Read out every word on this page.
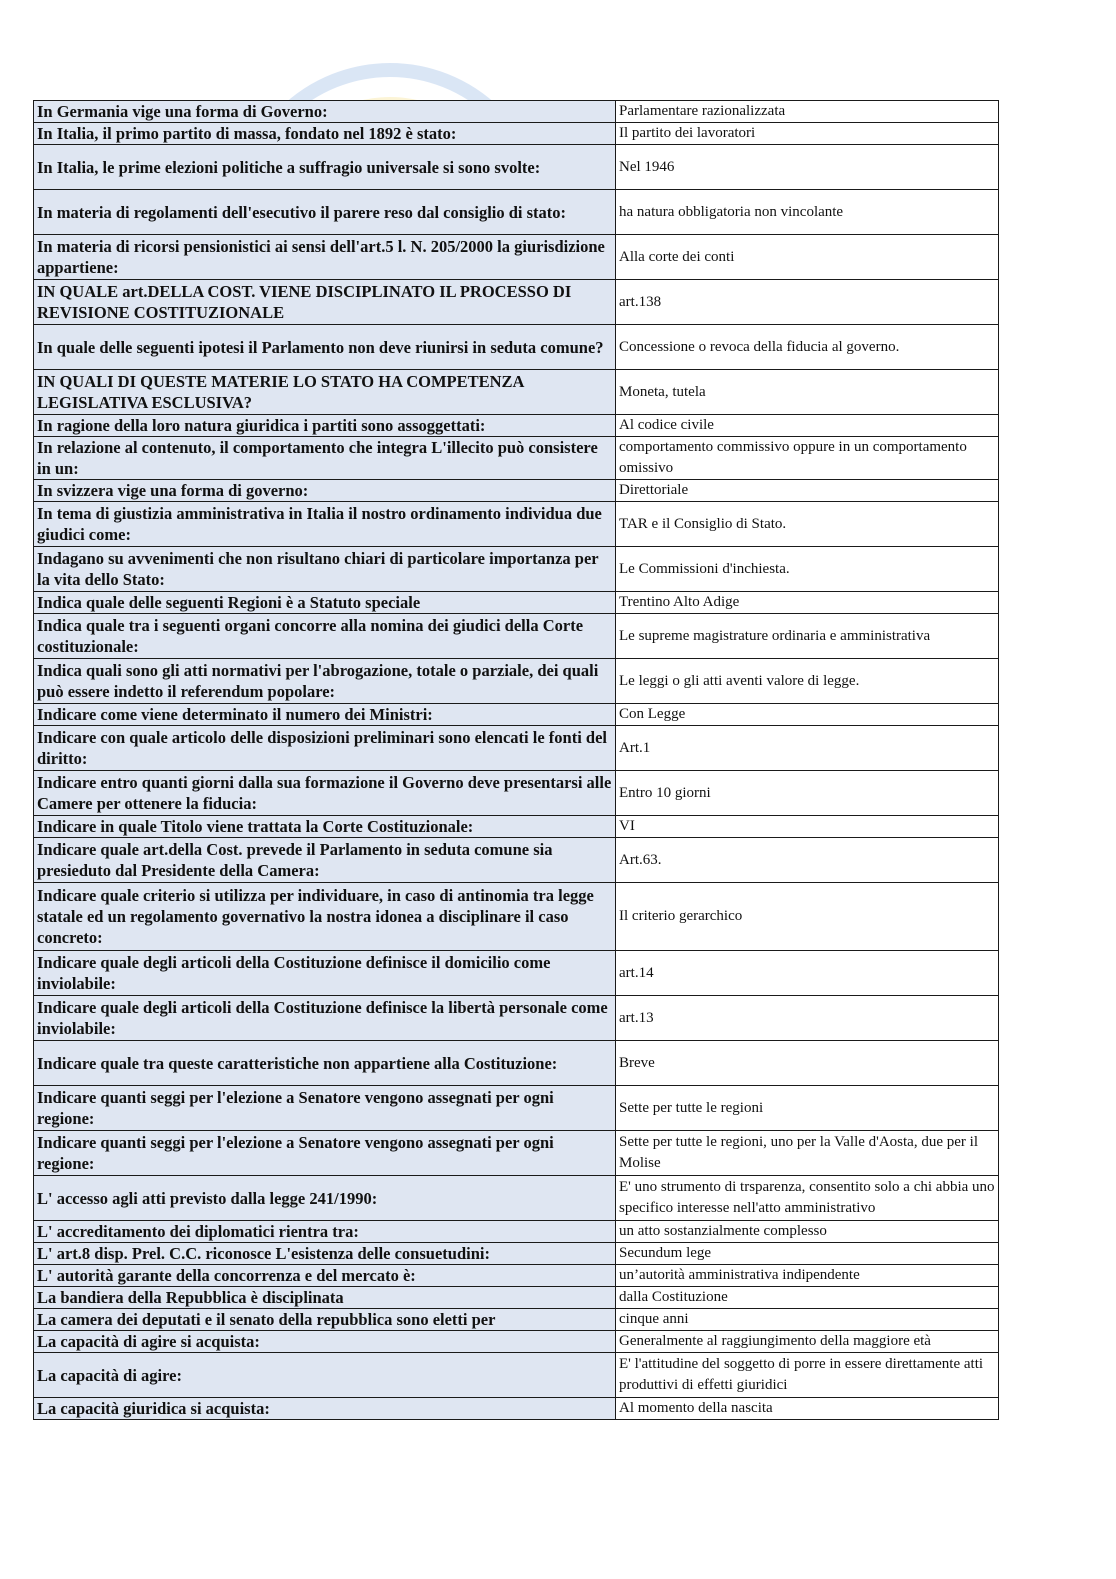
In Germania vige una forma di Governo:	Parlamentare razionalizzata
In Italia, il primo partito di massa, fondato nel 1892 è stato:	Il partito dei lavoratori
In Italia, le prime elezioni politiche a suffragio universale si sono svolte:	Nel 1946
In materia di regolamenti dell'esecutivo il parere reso dal consiglio di stato:	ha natura obbligatoria non vincolante
In materia di ricorsi pensionistici ai sensi dell'art.5 l. N. 205/2000 la giurisdizione appartiene:	Alla corte dei conti
IN QUALE art.DELLA COST. VIENE DISCIPLINATO IL PROCESSO DI REVISIONE COSTITUZIONALE	art.138
In quale delle seguenti ipotesi il Parlamento non deve riunirsi in seduta comune?	Concessione o revoca della fiducia al governo.
IN QUALI DI QUESTE MATERIE LO STATO HA COMPETENZA LEGISLATIVA ESCLUSIVA?	Moneta, tutela
In ragione della loro natura giuridica i partiti sono assoggettati:	Al codice civile
In relazione al contenuto, il comportamento che integra L'illecito può consistere in un:	comportamento commissivo oppure in un comportamento omissivo
In svizzera vige una forma di governo:	Direttoriale
In tema di giustizia amministrativa in Italia il nostro ordinamento individua due giudici come:	TAR e il Consiglio di Stato.
Indagano su avvenimenti che non risultano chiari di particolare importanza per la vita dello Stato:	Le Commissioni d'inchiesta.
Indica quale delle seguenti Regioni è a Statuto speciale	Trentino Alto Adige
Indica quale tra i seguenti organi concorre alla nomina dei giudici della Corte costituzionale:	Le supreme magistrature ordinaria e amministrativa
Indica quali sono gli atti normativi per l'abrogazione, totale o parziale, dei quali può essere indetto il referendum popolare:	Le leggi o gli atti aventi valore di legge.
Indicare come viene determinato il numero dei Ministri:	Con Legge
Indicare con quale articolo delle disposizioni preliminari sono elencati le fonti del diritto:	Art.1
Indicare entro quanti giorni dalla sua formazione il Governo deve presentarsi alle Camere per ottenere la fiducia:	Entro 10 giorni
Indicare in quale Titolo viene trattata la Corte Costituzionale:	VI
Indicare quale art.della Cost. prevede il Parlamento in seduta comune sia presieduto dal Presidente della Camera:	Art.63.
Indicare quale criterio si utilizza per individuare, in caso di antinomia tra legge statale ed un regolamento governativo la nostra idonea a disciplinare il caso concreto:	Il criterio gerarchico
Indicare quale degli articoli della Costituzione definisce il domicilio come inviolabile:	art.14
Indicare quale degli articoli della Costituzione definisce la libertà personale come inviolabile:	art.13
Indicare quale tra queste caratteristiche non appartiene alla Costituzione:	Breve
Indicare quanti seggi per l'elezione a Senatore vengono assegnati per ogni regione:	Sette per tutte le regioni
Indicare quanti seggi per l'elezione a Senatore vengono assegnati per ogni regione:	Sette per tutte le regioni, uno per la Valle d'Aosta, due per il Molise
L' accesso agli atti previsto dalla legge 241/1990:	E' uno strumento di trsparenza, consentito solo a chi abbia uno specifico interesse nell'atto amministrativo
L' accreditamento dei diplomatici rientra tra:	un atto sostanzialmente complesso
L' art.8 disp. Prel. C.C. riconosce L'esistenza delle consuetudini:	Secundum lege
L' autorità garante della concorrenza e del mercato è:	un’autorità amministrativa indipendente
La bandiera della Repubblica è disciplinata	dalla Costituzione
La camera dei deputati e il senato della repubblica sono eletti per	cinque anni
La capacità di agire si acquista:	Generalmente al raggiungimento della maggiore età
La capacità di agire:	E' l'attitudine del soggetto di porre in essere direttamente atti produttivi di effetti giuridici
La capacità giuridica si acquista:	Al momento della nascita
